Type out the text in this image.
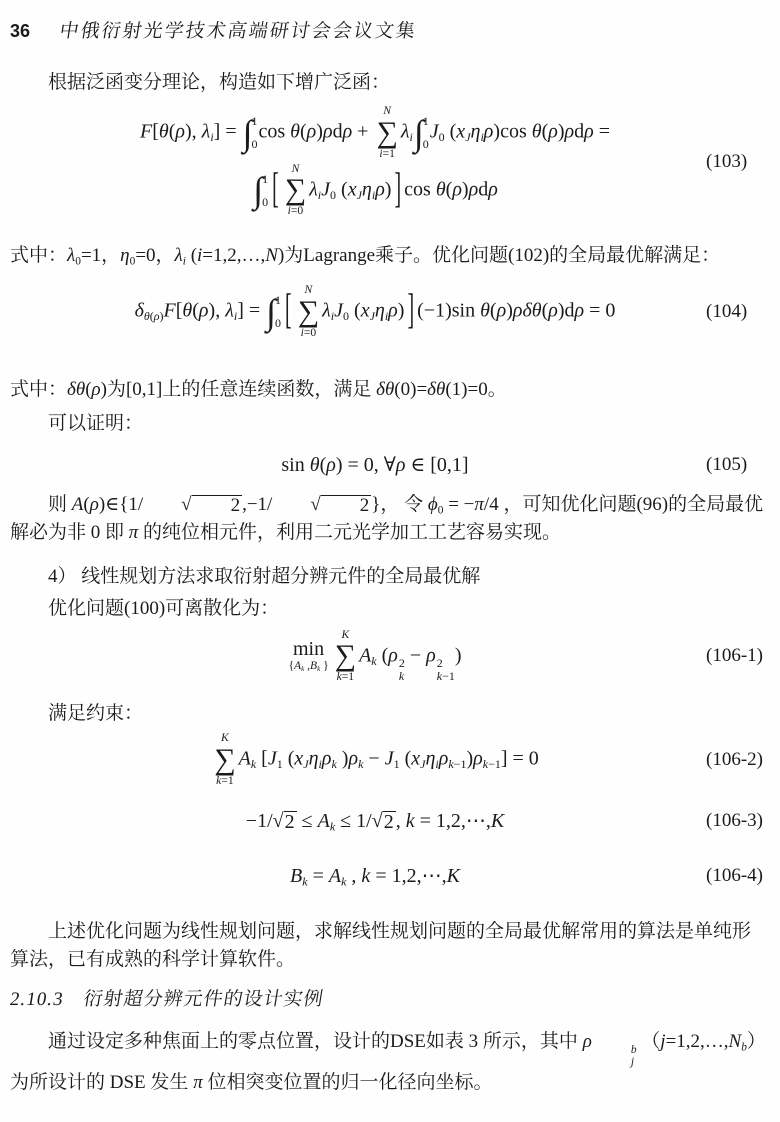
36 中俄衍射光学技术高端研讨会会议文集

根据泛函变分理论，构造如下增广泛函：

F[θ(ρ), λi] = ∫ 1
0
cos θ(ρ)ρdρ +
N
∑
i=1
λi ∫ 1
0
J0 (xJηiρ)cos θ(ρ)ρdρ =
∫ 1
0 [ N
∑
i=0
λiJ0 (xJηiρ) ] cos θ(ρ)ρdρ
(103)

式中：λ0=1，η0=0，λi (i=1,2,…,N)为Lagrange乘子。优化问题(102)的全局最优解满足：

δθ(ρ)F[θ(ρ), λi] = ∫ 1
0 [ N
∑
i=0
λiJ0 (xJηiρ) ] (−1)sin θ(ρ)ρδθ(ρ)dρ = 0	(104)

式中：δθ(ρ)为[0,1]上的任意连续函数，满足 δθ(0)=δθ(1)=0。

可以证明：

sin θ(ρ) = 0, ∀ρ ∈ [0,1]	(105)

则 A(ρ)∈{1/	√	2 ,−1/	√	2 }， 令 ϕ0 = −π/4 ，可知优化问题(96)的全局最优解必为非 0 即 π 的纯位相元件，利用二元光学加工工艺容易实现。

4） 线性规划方法求取衍射超分辨元件的全局最优解

优化问题(100)可离散化为：

min
{Ak ,Bk }
K
∑
k=1
Ak (ρ 2
k
− ρ 2
k−1
)	(106-1)

满足约束：

K
∑
k=1
Ak [J1 (xJηiρk )ρk − J1 (xJηiρk−1)ρk−1] = 0	(106-2)
−1/ √ 2 ≤ Ak ≤ 1/ √ 2 , k = 1,2,⋯,K	(106-3)
Bk = Ak , k = 1,2,⋯,K	(106-4)

上述优化问题为线性规划问题，求解线性规划问题的全局最优解常用的算法是单纯形算法，已有成熟的科学计算软件。

2.10.3　衍射超分辨元件的设计实例

通过设定多种焦面上的零点位置，设计的DSE如表 3 所示，其中 ρ	b
j
（j=1,2,…,Nb）为所设计的 DSE 发生 π 位相突变位置的归一化径向坐标。
